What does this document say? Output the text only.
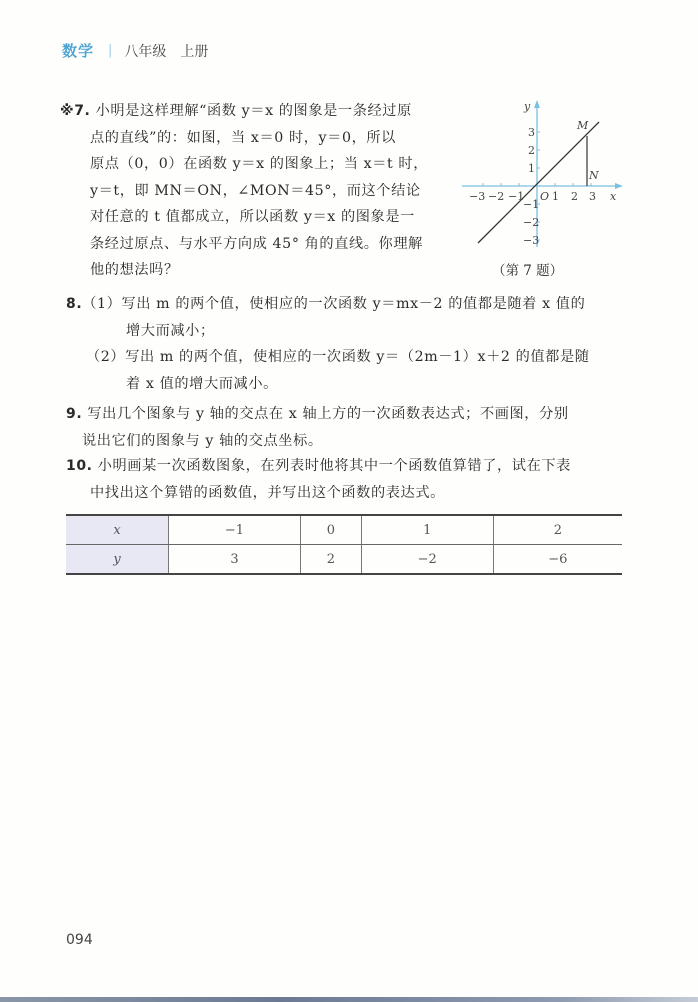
数学 | 八年级 上册
※7. 小明是这样理解“函数 y＝x 的图象是一条经过原
点的直线”的：如图，当 x＝0 时，y＝0，所以
原点（0，0）在函数 y＝x 的图象上；当 x＝t 时，
y＝t，即 MN＝ON，∠MON＝45°，而这个结论
对任意的 t 值都成立，所以函数 y＝x 的图象是一
条经过原点、与水平方向成 45° 角的直线。你理解
他的想法吗？
−3 −2 −1	1 2 3
3
2
1
−1
−2
−3
O	x
y
M
N
（第 7 题）
8.（1）写出 m 的两个值，使相应的一次函数 y＝mx－2 的值都是随着 x 值的
增大而减小；
（2）写出 m 的两个值，使相应的一次函数 y＝（2m－1）x＋2 的值都是随
着 x 值的增大而减小。
9. 写出几个图象与 y 轴的交点在 x 轴上方的一次函数表达式；不画图，分别
说出它们的图象与 y 轴的交点坐标。
10. 小明画某一次函数图象，在列表时他将其中一个函数值算错了，试在下表
中找出这个算错的函数值，并写出这个函数的表达式。
x	−1	0	1	2
y	3	2	−2	−6
094
